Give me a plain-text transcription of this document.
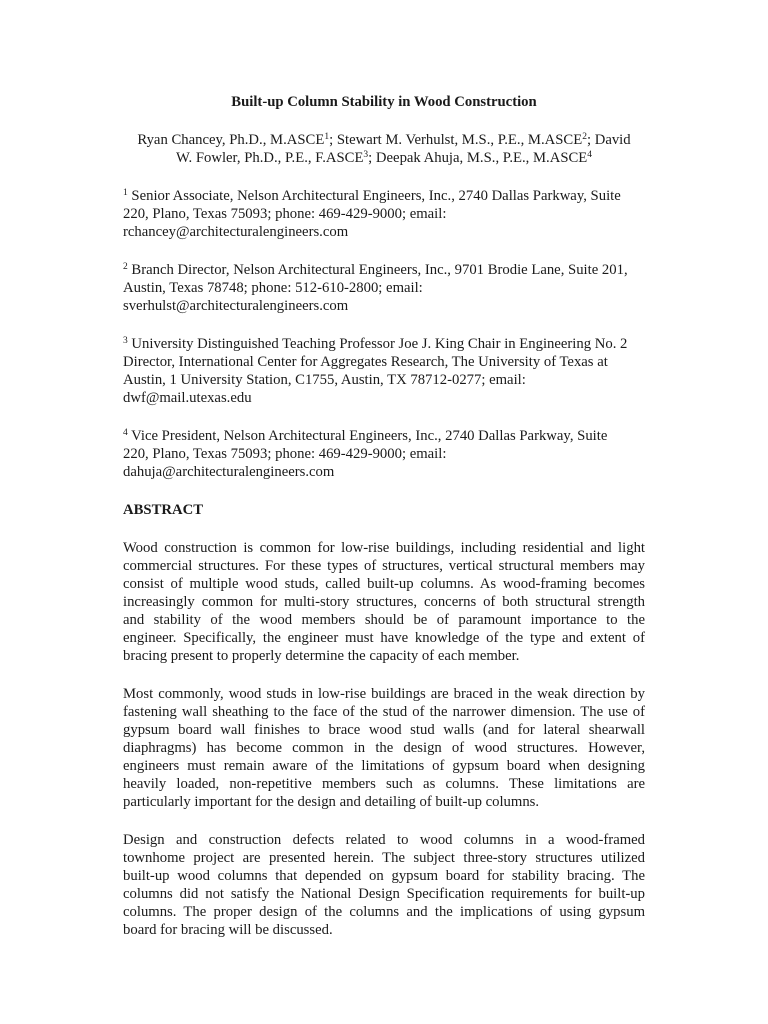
Built-up Column Stability in Wood Construction

Ryan Chancey, Ph.D., M.ASCE$^1$; Stewart M. Verhulst, M.S., P.E., M.ASCE$^2$; David

W. Fowler, Ph.D., P.E., F.ASCE$^3$; Deepak Ahuja, M.S., P.E., M.ASCE$^4$

$^1$ Senior Associate, Nelson Architectural Engineers, Inc., 2740 Dallas Parkway, Suite

220, Plano, Texas 75093; phone: 469-429-9000; email:

rchancey@architecturalengineers.com

$^2$ Branch Director, Nelson Architectural Engineers, Inc., 9701 Brodie Lane, Suite 201,

Austin, Texas 78748; phone: 512-610-2800; email:

sverhulst@architecturalengineers.com

$^3$ University Distinguished Teaching Professor Joe J. King Chair in Engineering No. 2

Director, International Center for Aggregates Research, The University of Texas at

Austin, 1 University Station, C1755, Austin, TX 78712-0277; email:

dwf@mail.utexas.edu

$^4$ Vice President, Nelson Architectural Engineers, Inc., 2740 Dallas Parkway, Suite

220, Plano, Texas 75093; phone: 469-429-9000; email:

dahuja@architecturalengineers.com

ABSTRACT
Wood construction is common for low-rise buildings, including residential and light
commercial structures. For these types of structures, vertical structural members may
consist of multiple wood studs, called built-up columns. As wood-framing becomes
increasingly common for multi-story structures, concerns of both structural strength
and stability of the wood members should be of paramount importance to the
engineer. Specifically, the engineer must have knowledge of the type and extent of
bracing present to properly determine the capacity of each member.
Most commonly, wood studs in low-rise buildings are braced in the weak direction by
fastening wall sheathing to the face of the stud of the narrower dimension. The use of
gypsum board wall finishes to brace wood stud walls (and for lateral shearwall
diaphragms) has become common in the design of wood structures. However,
engineers must remain aware of the limitations of gypsum board when designing
heavily loaded, non-repetitive members such as columns. These limitations are
particularly important for the design and detailing of built-up columns.
Design and construction defects related to wood columns in a wood-framed
townhome project are presented herein. The subject three-story structures utilized
built-up wood columns that depended on gypsum board for stability bracing. The
columns did not satisfy the National Design Specification requirements for built-up
columns. The proper design of the columns and the implications of using gypsum
board for bracing will be discussed.
